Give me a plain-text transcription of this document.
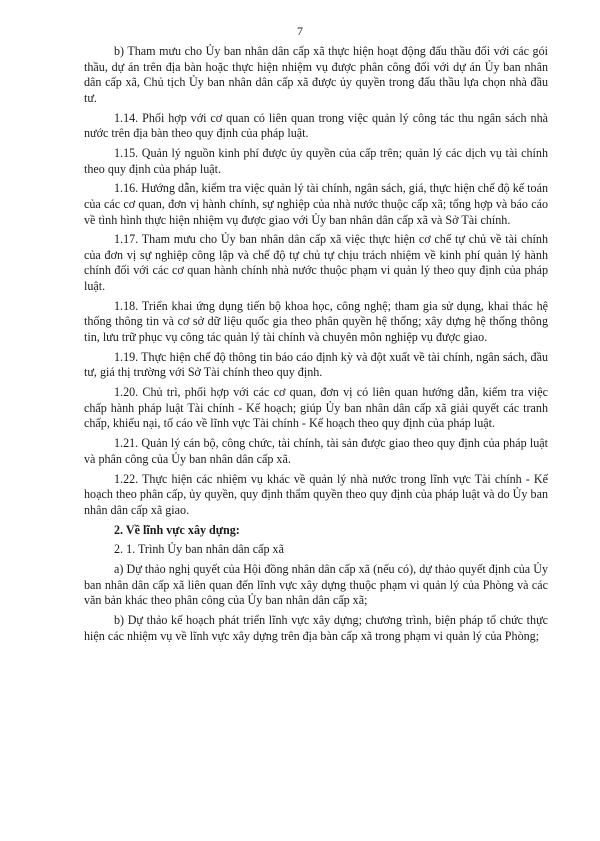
7

b) Tham mưu cho Ủy ban nhân dân cấp xã thực hiện hoạt động đấu thầu đối với các gói thầu, dự án trên địa bàn hoặc thực hiện nhiệm vụ được phân công đối với dự án Ủy ban nhân dân cấp xã, Chủ tịch Ủy ban nhân dân cấp xã được ủy quyền trong đấu thầu lựa chọn nhà đầu tư.

1.14. Phối hợp với cơ quan có liên quan trong việc quản lý công tác thu ngân sách nhà nước trên địa bàn theo quy định của pháp luật.

1.15. Quản lý nguồn kinh phí được ủy quyền của cấp trên; quản lý các dịch vụ tài chính theo quy định của pháp luật.

1.16. Hướng dẫn, kiểm tra việc quản lý tài chính, ngân sách, giá, thực hiện chế độ kế toán của các cơ quan, đơn vị hành chính, sự nghiệp của nhà nước thuộc cấp xã; tổng hợp và báo cáo về tình hình thực hiện nhiệm vụ được giao với Ủy ban nhân dân cấp xã và Sở Tài chính.

1.17. Tham mưu cho Ủy ban nhân dân cấp xã việc thực hiện cơ chế tự chủ về tài chính của đơn vị sự nghiệp công lập và chế độ tự chủ tự chịu trách nhiệm về kinh phí quản lý hành chính đối với các cơ quan hành chính nhà nước thuộc phạm vi quản lý theo quy định của pháp luật.

1.18. Triển khai ứng dụng tiến bộ khoa học, công nghệ; tham gia sử dụng, khai thác hệ thống thông tin và cơ sở dữ liệu quốc gia theo phân quyền hệ thống; xây dựng hệ thống thông tin, lưu trữ phục vụ công tác quản lý tài chính và chuyên môn nghiệp vụ được giao.

1.19. Thực hiện chế độ thông tin báo cáo định kỳ và đột xuất về tài chính, ngân sách, đầu tư, giá thị trường với Sở Tài chính theo quy định.

1.20. Chủ trì, phối hợp với các cơ quan, đơn vị có liên quan hướng dẫn, kiểm tra việc chấp hành pháp luật Tài chính - Kế hoạch; giúp Ủy ban nhân dân cấp xã giải quyết các tranh chấp, khiếu nại, tố cáo về lĩnh vực Tài chính - Kế hoạch theo quy định của pháp luật.

1.21. Quản lý cán bộ, công chức, tài chính, tài sản được giao theo quy định của pháp luật và phân công của Ủy ban nhân dân cấp xã.

1.22. Thực hiện các nhiệm vụ khác về quản lý nhà nước trong lĩnh vực Tài chính - Kế hoạch theo phân cấp, ủy quyền, quy định thẩm quyền theo quy định của pháp luật và do Ủy ban nhân dân cấp xã giao.

2. Về lĩnh vực xây dựng:

2. 1. Trình Ủy ban nhân dân cấp xã

a) Dự thảo nghị quyết của Hội đồng nhân dân cấp xã (nếu có), dự thảo quyết định của Ủy ban nhân dân cấp xã liên quan đến lĩnh vực xây dựng thuộc phạm vi quản lý của Phòng và các văn bản khác theo phân công của Ủy ban nhân dân cấp xã;

b) Dự thảo kế hoạch phát triển lĩnh vực xây dựng; chương trình, biện pháp tổ chức thực hiện các nhiệm vụ về lĩnh vực xây dựng trên địa bàn cấp xã trong phạm vi quản lý của Phòng;
